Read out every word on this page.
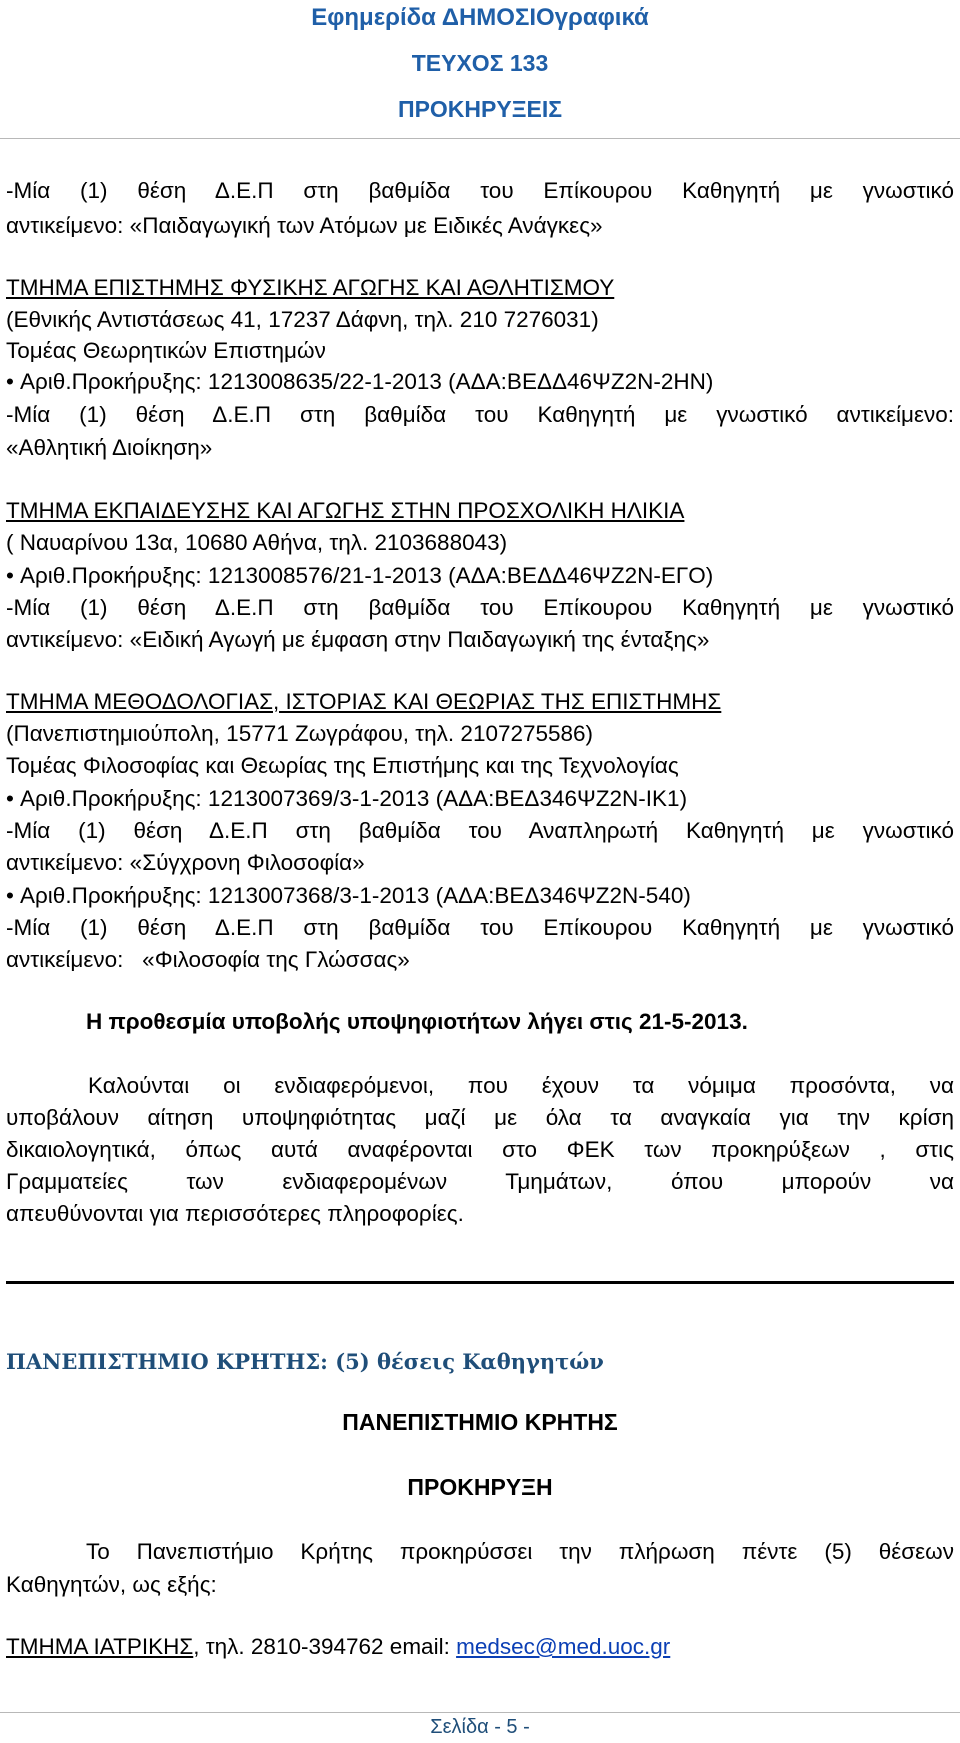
Εφημερίδα ΔΗΜΟΣΙΟγραφικά
ΤΕΥΧΟΣ 133
ΠΡΟΚΗΡΥΞΕΙΣ
-Μία (1) θέση Δ.Ε.Π στη βαθμίδα του Επίκουρου Καθηγητή με γνωστικό
αντικείμενο: «Παιδαγωγική των Ατόμων με Ειδικές Ανάγκες»
ΤΜΗΜΑ ΕΠΙΣΤΗΜΗΣ ΦΥΣΙΚΗΣ ΑΓΩΓΗΣ ΚΑΙ ΑΘΛΗΤΙΣΜΟΥ
(Εθνικής Αντιστάσεως 41, 17237 Δάφνη, τηλ. 210 7276031)
Τομέας Θεωρητικών Επιστημών
• Αριθ.Προκήρυξης: 1213008635/22-1-2013 (ΑΔΑ:ΒΕΔΔ46ΨΖ2Ν-2ΗΝ)
-Μία (1) θέση Δ.Ε.Π στη βαθμίδα του Καθηγητή με γνωστικό αντικείμενο:
«Αθλητική Διοίκηση»
ΤΜΗΜΑ ΕΚΠΑΙΔΕΥΣΗΣ ΚΑΙ ΑΓΩΓΗΣ ΣΤΗΝ ΠΡΟΣΧΟΛΙΚΗ ΗΛΙΚΙΑ
( Ναυαρίνου 13α, 10680 Αθήνα, τηλ. 2103688043)
• Αριθ.Προκήρυξης: 1213008576/21-1-2013 (ΑΔΑ:ΒΕΔΔ46ΨΖ2Ν-ΕΓΟ)
-Μία (1) θέση Δ.Ε.Π στη βαθμίδα του Επίκουρου Καθηγητή με γνωστικό
αντικείμενο: «Ειδική Αγωγή με έμφαση στην Παιδαγωγική της ένταξης»
ΤΜΗΜΑ ΜΕΘΟΔΟΛΟΓΙΑΣ, ΙΣΤΟΡΙΑΣ ΚΑΙ ΘΕΩΡΙΑΣ ΤΗΣ ΕΠΙΣΤΗΜΗΣ
(Πανεπιστημιούπολη, 15771 Ζωγράφου, τηλ. 2107275586)
Τομέας Φιλοσοφίας και Θεωρίας της Επιστήμης και της Τεχνολογίας
• Αριθ.Προκήρυξης: 1213007369/3-1-2013 (ΑΔΑ:ΒΕΔ346ΨΖ2Ν-ΙΚ1)
-Μία (1) θέση Δ.Ε.Π στη βαθμίδα του Αναπληρωτή Καθηγητή με γνωστικό
αντικείμενο: «Σύγχρονη Φιλοσοφία»
• Αριθ.Προκήρυξης: 1213007368/3-1-2013 (ΑΔΑ:ΒΕΔ346ΨΖ2Ν-540)
-Μία (1) θέση Δ.Ε.Π στη βαθμίδα του Επίκουρου Καθηγητή με γνωστικό
αντικείμενο:   «Φιλοσοφία της Γλώσσας»
Η προθεσμία υποβολής υποψηφιοτήτων λήγει στις 21-5-2013.
Καλούνται οι ενδιαφερόμενοι, που έχουν τα νόμιμα προσόντα, να
υποβάλουν αίτηση υποψηφιότητας μαζί με όλα τα αναγκαία για την κρίση
δικαιολογητικά, όπως αυτά αναφέρονται στο ΦΕΚ των προκηρύξεων , στις
Γραμματείες των ενδιαφερομένων Τμημάτων, όπου μπορούν να
απευθύνονται για περισσότερες πληροφορίες.
ΠΑΝΕΠΙΣΤΗΜΙΟ ΚΡΗΤΗΣ: (5) θέσεις Καθηγητών
ΠΑΝΕΠΙΣΤΗΜΙΟ ΚΡΗΤΗΣ
ΠΡΟΚΗΡΥΞΗ
Το Πανεπιστήμιο Κρήτης προκηρύσσει την πλήρωση πέντε (5) θέσεων
Καθηγητών, ως εξής:
ΤΜΗΜΑ ΙΑΤΡΙΚΗΣ, τηλ. 2810-394762 email: medsec@med.uoc.gr
Σελίδα - 5 -
